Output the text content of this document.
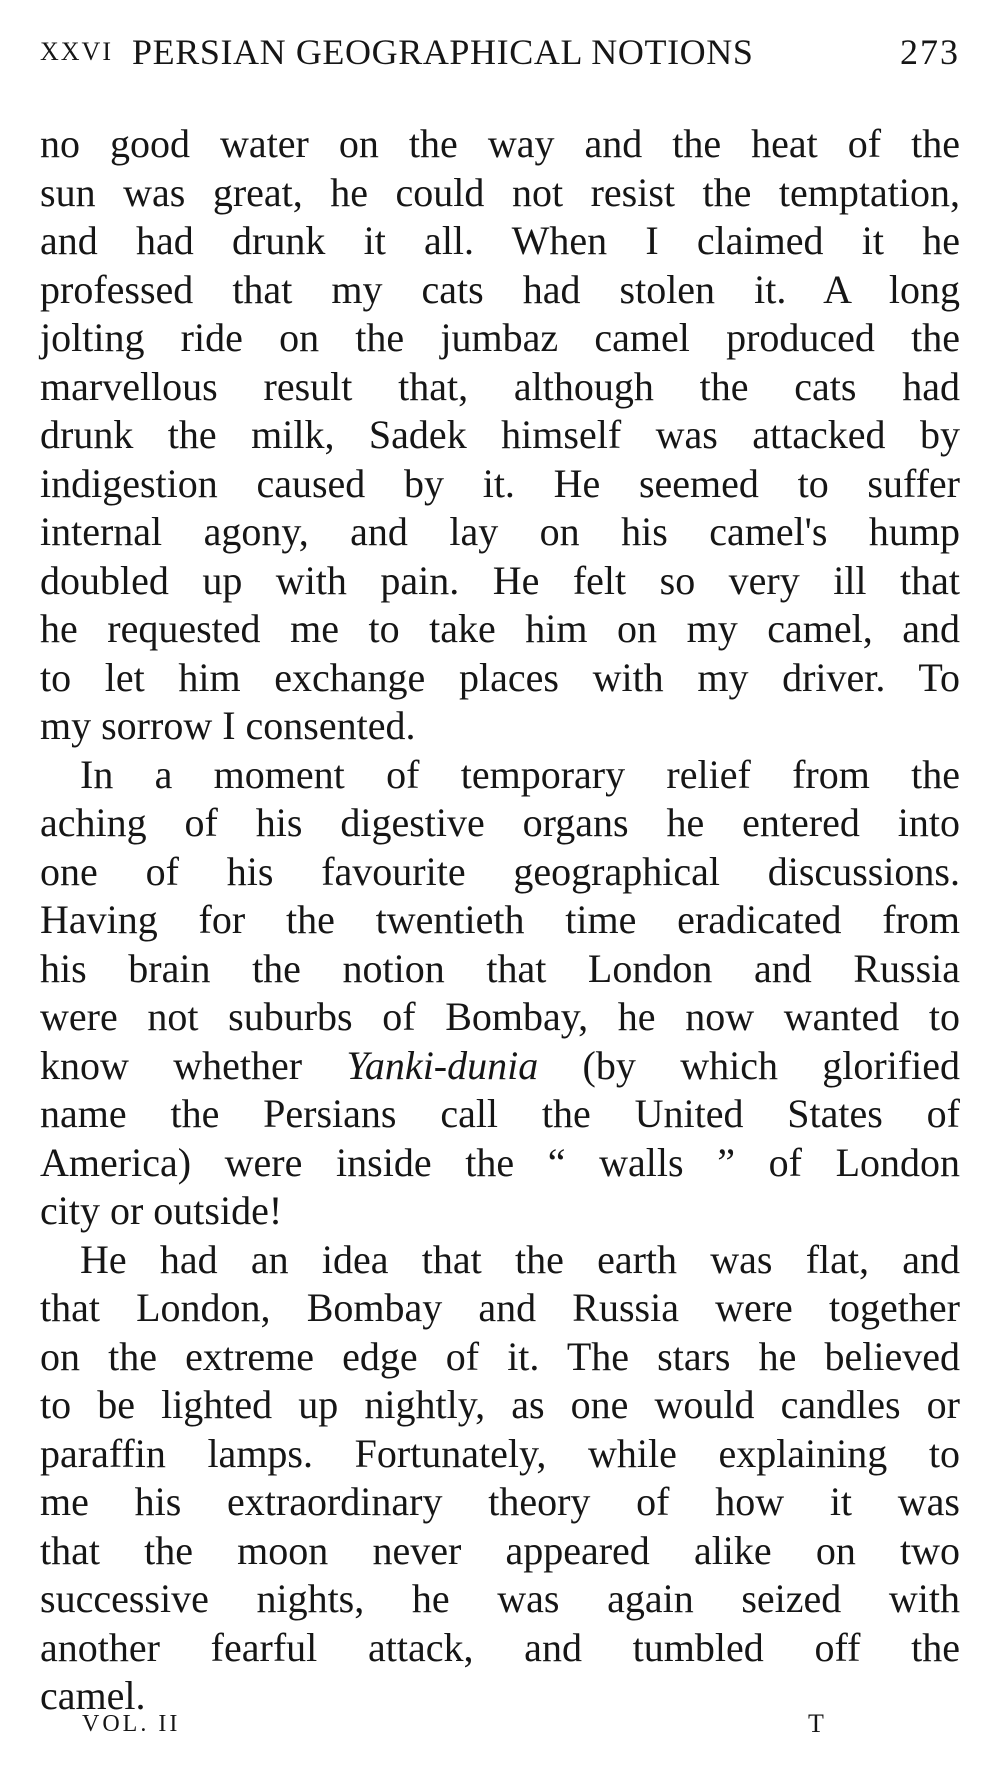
XXVI PERSIAN GEOGRAPHICAL NOTIONS	273
no good water on the way and the heat of the
sun was great, he could not resist the temptation,
and had drunk it all. When I claimed it he
professed that my cats had stolen it. A long
jolting ride on the jumbaz camel produced the
marvellous result that, although the cats had
drunk the milk, Sadek himself was attacked by
indigestion caused by it. He seemed to suffer
internal agony, and lay on his camel's hump
doubled up with pain. He felt so very ill that
he requested me to take him on my camel, and
to let him exchange places with my driver. To
my sorrow I consented.
In a moment of temporary relief from the
aching of his digestive organs he entered into
one of his favourite geographical discussions.
Having for the twentieth time eradicated from
his brain the notion that London and Russia
were not suburbs of Bombay, he now wanted to
know whether Yanki-dunia (by which glorified
name the Persians call the United States of
America) were inside the “ walls ” of London
city or outside!
He had an idea that the earth was flat, and
that London, Bombay and Russia were together
on the extreme edge of it. The stars he believed
to be lighted up nightly, as one would candles or
paraffin lamps. Fortunately, while explaining to
me his extraordinary theory of how it was
that the moon never appeared alike on two
successive nights, he was again seized with
another fearful attack, and tumbled off the
camel.
VOL. II	T
